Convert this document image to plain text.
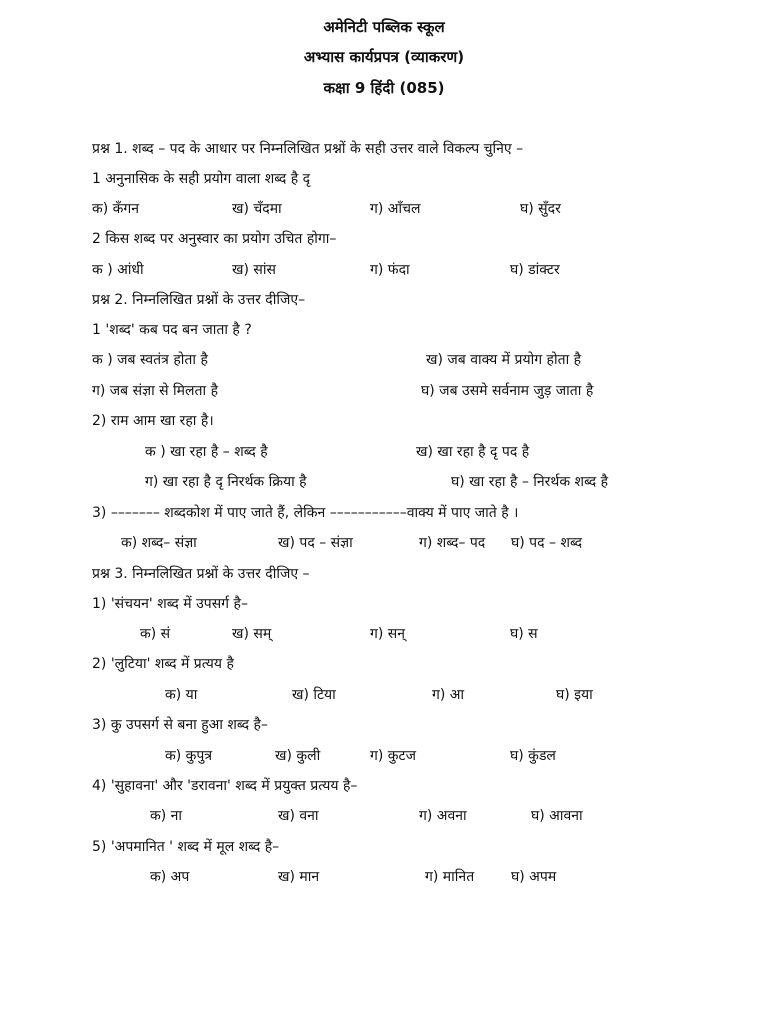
अमेनिटी पब्लिक स्कूल
अभ्यास कार्यप्रपत्र (व्याकरण)
कक्षा 9 हिंदी (085)
प्रश्न 1. शब्द – पद के आधार पर निम्नलिखित प्रश्नों के सही उत्तर वाले विकल्प चुनिए –
1 अनुनासिक के सही प्रयोग वाला शब्द है दृ
क) कँगन	ख) चँदमा	ग) आँचल	घ) सुँदर
2 किस शब्द पर अनुस्वार का प्रयोग उचित होगा–
क ) आंधी	ख) सांस	ग) फंदा	घ) डांक्टर
प्रश्न 2. निम्नलिखित प्रश्नों के उत्तर दीजिए–
1 'शब्द' कब पद बन जाता है ?
क ) जब स्वतंत्र होता है	ख) जब वाक्य में प्रयोग होता है
ग) जब संज्ञा से मिलता है	घ) जब उसमे सर्वनाम जुड़ जाता है
2) राम आम खा रहा है।
क ) खा रहा है – शब्द है	ख) खा रहा है दृ पद है
ग) खा रहा है दृ निरर्थक क्रिया है	घ) खा रहा है – निरर्थक शब्द है
3) ––––––– शब्दकोश में पाए जाते हैं, लेकिन –––––––––––वाक्य में पाए जाते है ।
क) शब्द– संज्ञा	ख) पद – संज्ञा	ग) शब्द– पद घ) पद – शब्द
प्रश्न 3. निम्नलिखित प्रश्नों के उत्तर दीजिए –
1) 'संचयन' शब्द में उपसर्ग है–
क) सं	ख) सम्	ग) सन्	घ) स
2) 'लुटिया' शब्द में प्रत्यय है
क) या	ख) टिया	ग) आ	घ) इया
3) कु उपसर्ग से बना हुआ शब्द है–
क) कुपुत्र	ख) कुली	ग) कुटज	घ) कुंडल
4) 'सुहावना' और 'डरावना' शब्द में प्रयुक्त प्रत्यय है–
क) ना	ख) वना	ग) अवना	घ) आवना
5) 'अपमानित ' शब्द में मूल शब्द है–
क) अप	ख) मान	ग) मानित	घ) अपम
